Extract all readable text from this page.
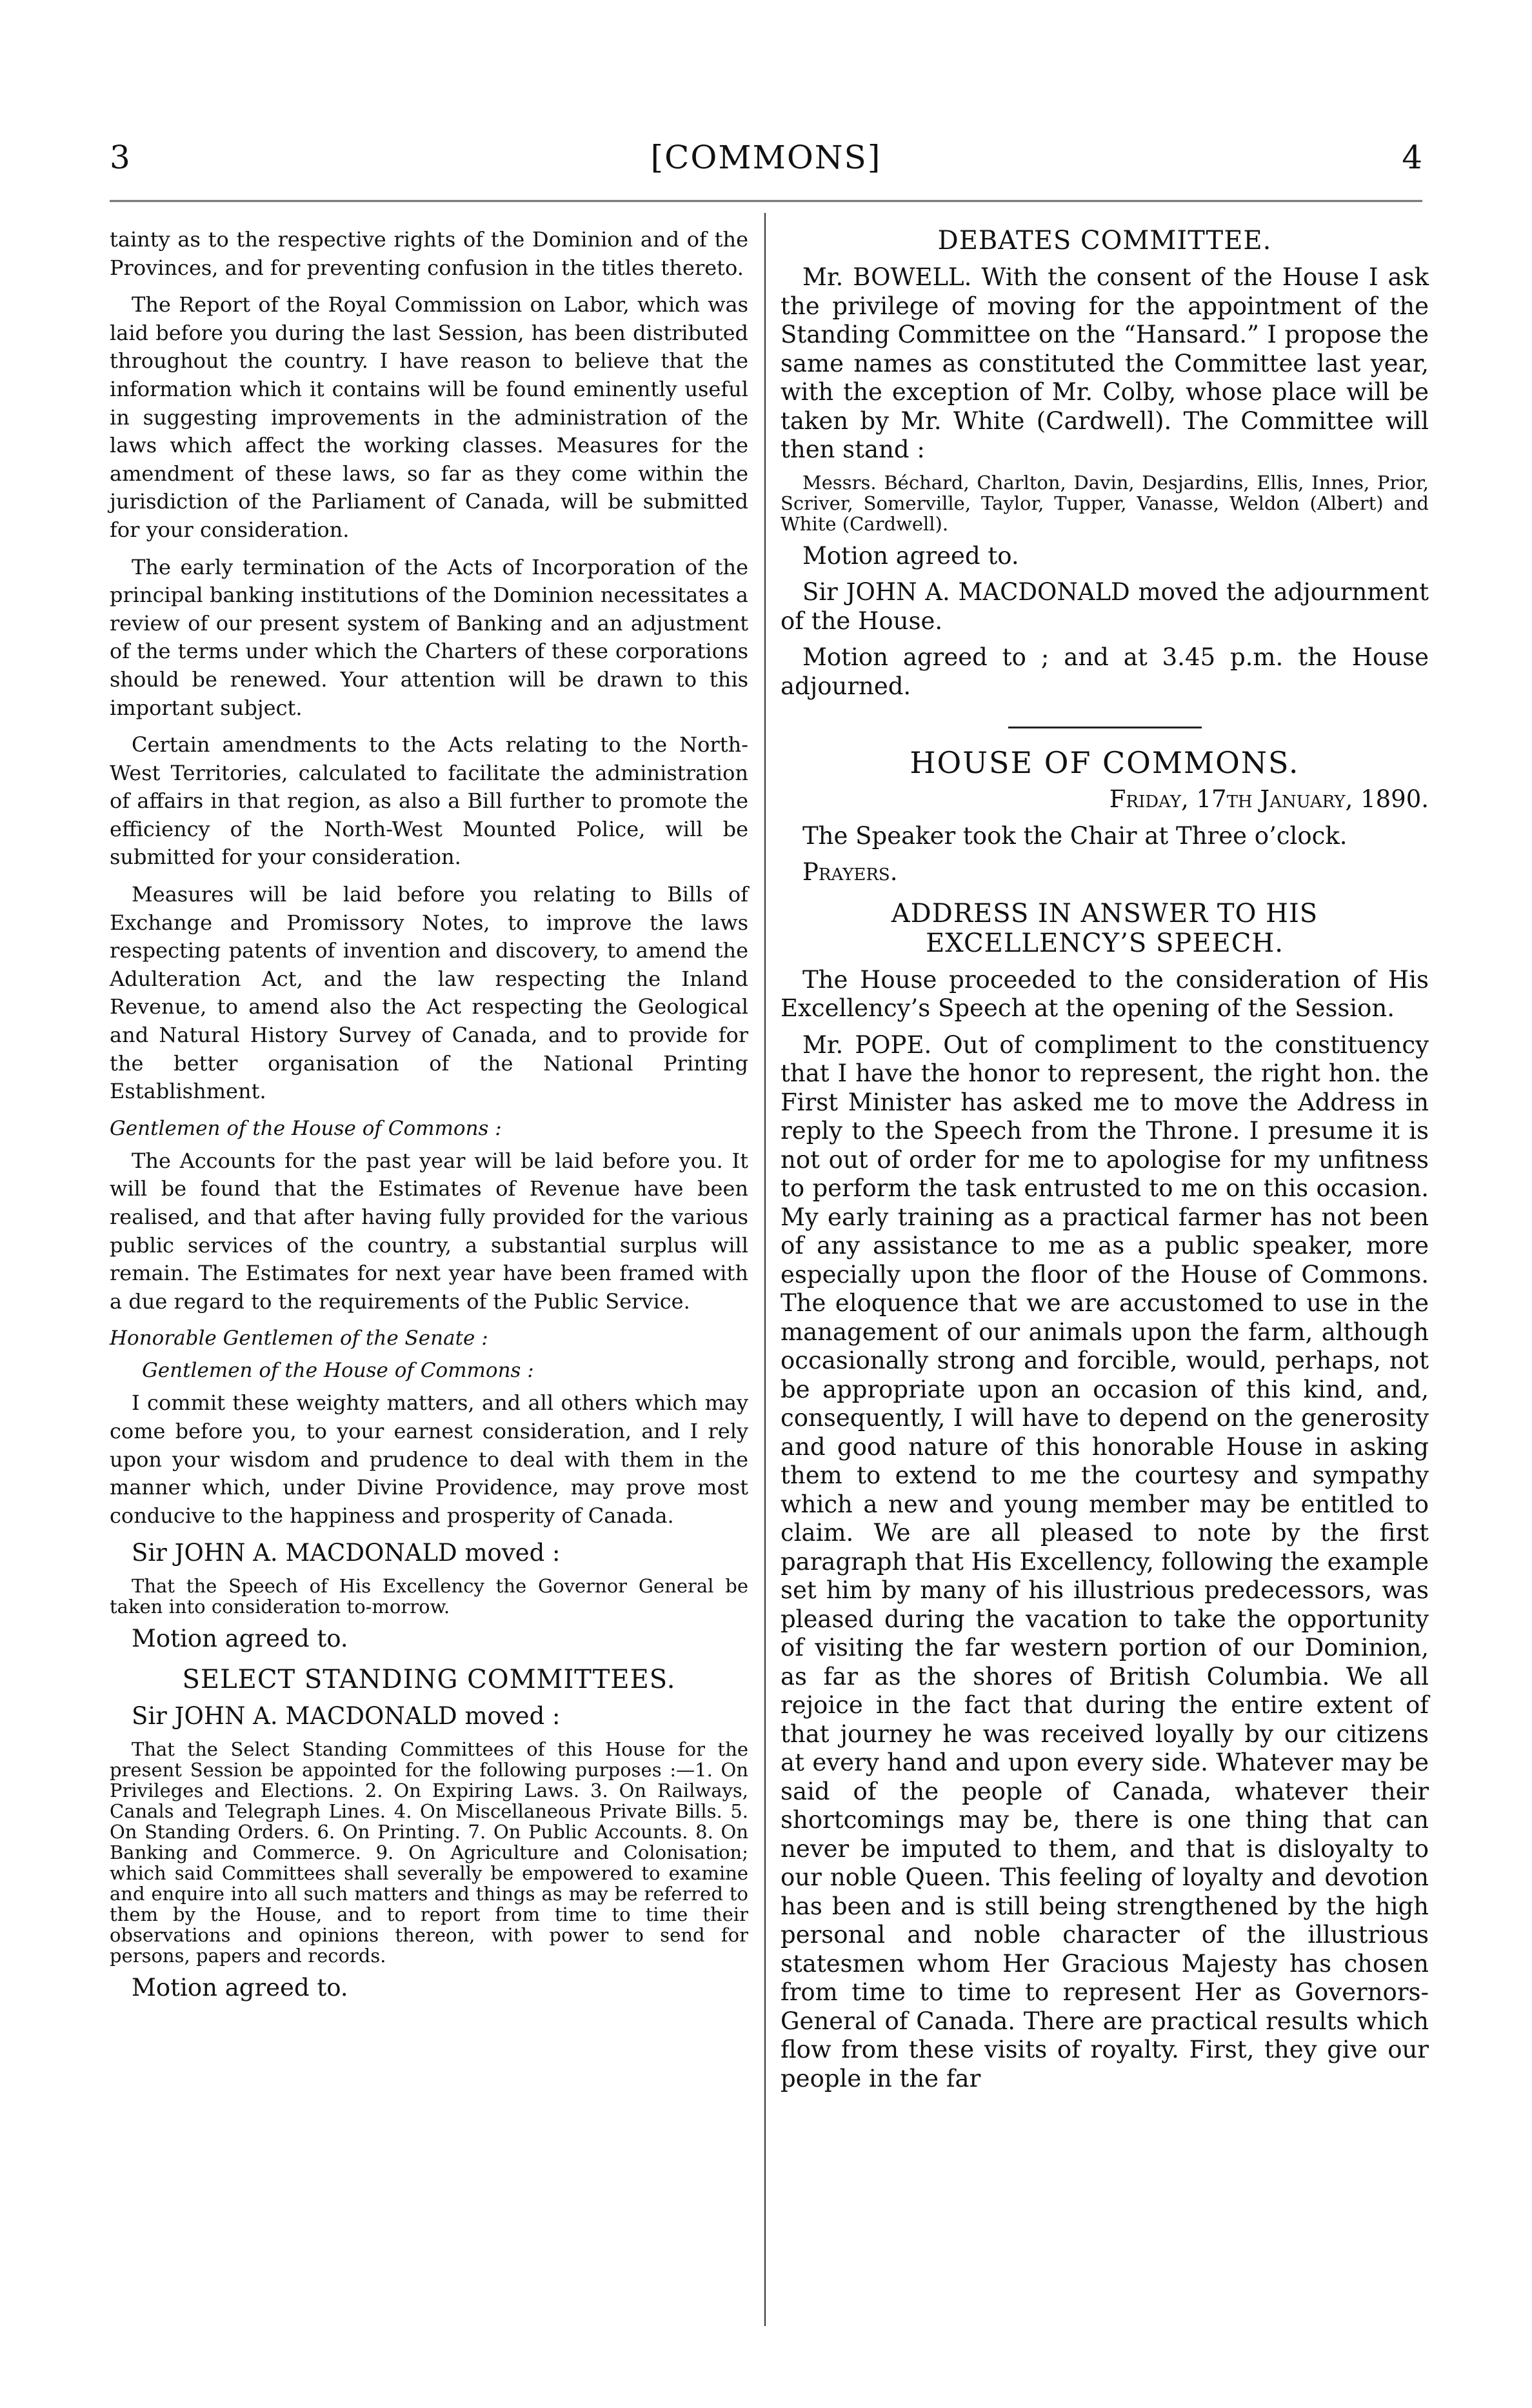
3	[COMMONS]	4

tainty as to the respective rights of the Dominion and of the Provinces, and for preventing confusion in the titles thereto.

The Report of the Royal Commission on Labor, which was laid before you during the last Session, has been distributed throughout the country. I have reason to believe that the information which it contains will be found eminently useful in suggesting improvements in the administration of the laws which affect the working classes. Measures for the amendment of these laws, so far as they come within the jurisdiction of the Parliament of Canada, will be submitted for your consideration.

The early termination of the Acts of Incorporation of the principal banking institutions of the Dominion necessitates a review of our present system of Banking and an adjustment of the terms under which the Charters of these corporations should be renewed. Your attention will be drawn to this important subject.

Certain amendments to the Acts relating to the North-West Territories, calculated to facilitate the administration of affairs in that region, as also a Bill further to promote the efficiency of the North-West Mounted Police, will be submitted for your consideration.

Measures will be laid before you relating to Bills of Exchange and Promissory Notes, to improve the laws respecting patents of invention and discovery, to amend the Adulteration Act, and the law respecting the Inland Revenue, to amend also the Act respecting the Geological and Natural History Survey of Canada, and to provide for the better organisation of the National Printing Establishment.

Gentlemen of the House of Commons :

The Accounts for the past year will be laid before you. It will be found that the Estimates of Revenue have been realised, and that after having fully provided for the various public services of the country, a substantial surplus will remain. The Estimates for next year have been framed with a due regard to the requirements of the Public Service.

Honorable Gentlemen of the Senate :

Gentlemen of the House of Commons :

I commit these weighty matters, and all others which may come before you, to your earnest consideration, and I rely upon your wisdom and prudence to deal with them in the manner which, under Divine Providence, may prove most conducive to the happiness and prosperity of Canada.

Sir JOHN A. MACDONALD moved :

That the Speech of His Excellency the Governor General be taken into consideration to-morrow.

Motion agreed to.

SELECT STANDING COMMITTEES.

Sir JOHN A. MACDONALD moved :

That the Select Standing Committees of this House for the present Session be appointed for the following purposes :—1. On Privileges and Elections. 2. On Expiring Laws. 3. On Railways, Canals and Telegraph Lines. 4. On Miscellaneous Private Bills. 5. On Standing Orders. 6. On Printing. 7. On Public Accounts. 8. On Banking and Commerce. 9. On Agriculture and Colonisation; which said Committees shall severally be empowered to examine and enquire into all such matters and things as may be referred to them by the House, and to report from time to time their observations and opinions thereon, with power to send for persons, papers and records.

Motion agreed to.

DEBATES COMMITTEE.

Mr. BOWELL. With the consent of the House I ask the privilege of moving for the appointment of the Standing Committee on the “Hansard.” I propose the same names as constituted the Committee last year, with the exception of Mr. Colby, whose place will be taken by Mr. White (Cardwell). The Committee will then stand :

Messrs. Béchard, Charlton, Davin, Desjardins, Ellis, Innes, Prior, Scriver, Somerville, Taylor, Tupper, Vanasse, Weldon (Albert) and White (Cardwell).

Motion agreed to.

Sir JOHN A. MACDONALD moved the adjournment of the House.

Motion agreed to ; and at 3.45 p.m. the House adjourned.

HOUSE OF COMMONS.

Friday, 17th January, 1890.

The Speaker took the Chair at Three o’clock.

Prayers.

ADDRESS IN ANSWER TO HIS EXCELLENCY’S SPEECH.

The House proceeded to the consideration of His Excellency’s Speech at the opening of the Session.

Mr. POPE. Out of compliment to the constituency that I have the honor to represent, the right hon. the First Minister has asked me to move the Address in reply to the Speech from the Throne. I presume it is not out of order for me to apologise for my unfitness to perform the task entrusted to me on this occasion. My early training as a practical farmer has not been of any assistance to me as a public speaker, more especially upon the floor of the House of Commons. The eloquence that we are accustomed to use in the management of our animals upon the farm, although occasionally strong and forcible, would, perhaps, not be appropriate upon an occasion of this kind, and, consequently, I will have to depend on the generosity and good nature of this honorable House in asking them to extend to me the courtesy and sympathy which a new and young member may be entitled to claim. We are all pleased to note by the first paragraph that His Excellency, following the example set him by many of his illustrious predecessors, was pleased during the vacation to take the opportunity of visiting the far western portion of our Dominion, as far as the shores of British Columbia. We all rejoice in the fact that during the entire extent of that journey he was received loyally by our citizens at every hand and upon every side. Whatever may be said of the people of Canada, whatever their shortcomings may be, there is one thing that can never be imputed to them, and that is disloyalty to our noble Queen. This feeling of loyalty and devotion has been and is still being strengthened by the high personal and noble character of the illustrious statesmen whom Her Gracious Majesty has chosen from time to time to represent Her as Governors-General of Canada. There are practical results which flow from these visits of royalty. First, they give our people in the far
